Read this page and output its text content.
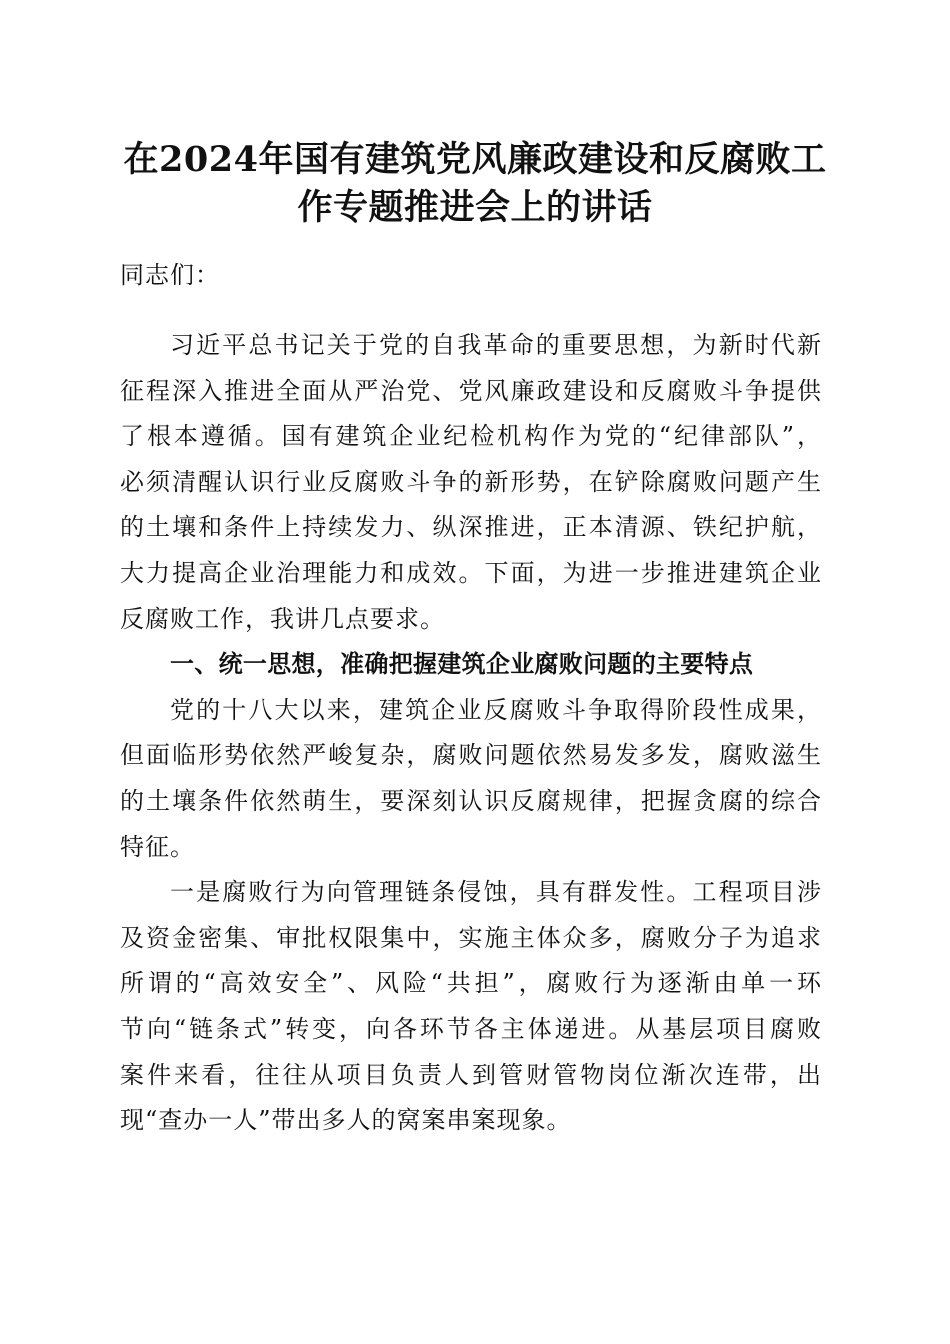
在2024年国有建筑党风廉政建设和反腐败工
作专题推进会上的讲话
同志们：
习近平总书记关于党的自我革命的重要思想，为新时代新
征程深入推进全面从严治党、党风廉政建设和反腐败斗争提供
了根本遵循。国有建筑企业纪检机构作为党的“纪律部队”，
必须清醒认识行业反腐败斗争的新形势，在铲除腐败问题产生
的土壤和条件上持续发力、纵深推进，正本清源、铁纪护航，
大力提高企业治理能力和成效。下面，为进一步推进建筑企业
反腐败工作，我讲几点要求。
一、统一思想，准确把握建筑企业腐败问题的主要特点
党的十八大以来，建筑企业反腐败斗争取得阶段性成果，
但面临形势依然严峻复杂，腐败问题依然易发多发，腐败滋生
的土壤条件依然萌生，要深刻认识反腐规律，把握贪腐的综合
特征。
一是腐败行为向管理链条侵蚀，具有群发性。工程项目涉
及资金密集、审批权限集中，实施主体众多，腐败分子为追求
所谓的“高效安全”、风险“共担”，腐败行为逐渐由单一环
节向“链条式”转变，向各环节各主体递进。从基层项目腐败
案件来看，往往从项目负责人到管财管物岗位渐次连带，出
现“查办一人”带出多人的窝案串案现象。
